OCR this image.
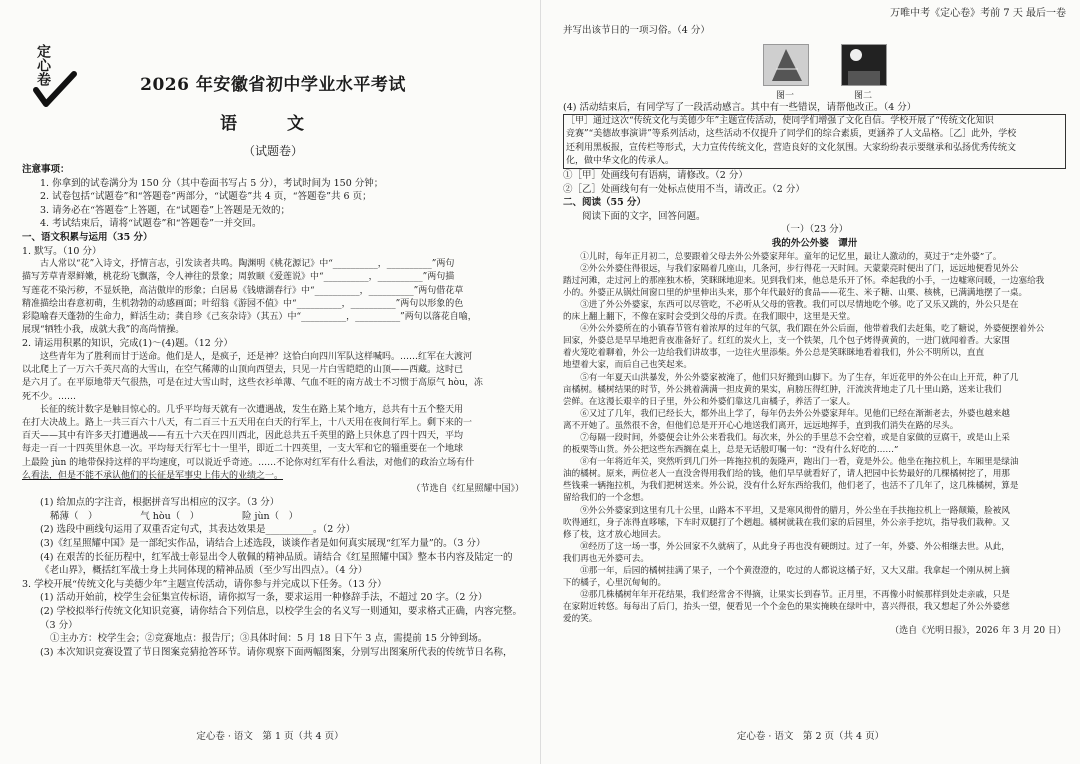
定心卷	2026 年安徽省初中学业水平考试
语 文
（试题卷）

注意事项：

1. 你拿到的试卷满分为 150 分（其中卷面书写占 5 分），考试时间为 150 分钟；

2. 试卷包括“试题卷”和“答题卷”两部分，“试题卷”共 4 页，“答题卷”共 6 页；

3. 请务必在“答题卷”上答题，在“试题卷”上答题是无效的；

4. 考试结束后，请将“试题卷”和“答题卷”一并交回。

一、语文积累与运用（35 分）

1. 默写。（10 分）

古人常以“花”入诗文，抒情言志，引发读者共鸣。陶渊明《桃花源记》中“__________，__________”两句

描写芳草青翠鲜嫩，桃花纷飞飘落，令人神往的景象；周敦颐《爱莲说》中“__________，__________”两句描

写莲花不染污秽，不显妖艳，高洁傲岸的形象；白居易《钱塘湖春行》中“__________，__________”两句借花草

精准描绘出春意初萌，生机勃勃的动感画面；叶绍翁《游园不值》中“__________，__________”两句以形象的色

彩隐喻春天蓬勃的生命力，鲜活生动；龚自珍《己亥杂诗》（其五）中“__________，__________”两句以落花自喻，

展现“牺牲小我，成就大我”的高尚情操。

2. 请运用积累的知识，完成(1)～(4)题。（12 分）

这些青年为了胜利而甘于送命。他们是人，是疯子，还是神？这恰白向四川军队这样喊吗。……红军在大渡河

以北爬上了一万六千英尺高的大雪山，在空气稀薄的山顶向西望去，只见一片白雪皑皑的山顶——西藏。这时已

是六月了。在平原地带天气很热，可是在过大雪山时，这些衣衫单薄、气血不旺的南方战士不习惯于高原气 hòu，冻

死不少。……

长征的统计数字是触目惊心的。几乎平均每天就有一次遭遇战，发生在路上某个地方，总共有十五个整天用

在打大决战上。路上一共三百六十八天，有二百三十五天用在白天的行军上，十八天用在夜间行军上。剩下来的一

百天——其中有许多天打遭遇战——有五十六天在四川西北，因此总共五千英里的路上只休息了四十四天，平均

每走一百一十四英里休息一次。平均每天行军七十一里半，即近二十四英里，一支大军和它的辎重要在一个地球

上最险 jùn 的地带保持这样的平均速度，可以说近乎奇迹。……不论你对红军有什么看法，对他们的政治立场有什

么看法，但是不能不承认他们的长征是军事史上伟大的业绩之一。

（节选自《红星照耀中国》）

(1) 给加点的字注音，根据拼音写出相应的汉字。（3 分）

稀薄（　）　　　　　气 hòu（　）　　　　　险 jùn（　）

(2) 选段中画线句运用了双重否定句式，其表达效果是__________。（2 分）

(3)《红星照耀中国》是一部纪实作品，请结合上述选段，谈谈作者是如何真实展现“红军力量”的。（3 分）

(4) 在艰苦的长征历程中，红军战士彰显出令人敬佩的精神品质。请结合《红星照耀中国》整本书内容及陆定一的

《老山界》，概括红军战士身上共同体现的精神品质（至少写出四点）。（4 分）

3. 学校开展“传统文化与美德少年”主题宣传活动，请你参与并完成以下任务。（13 分）

(1) 活动开始前，校学生会征集宣传标语，请你拟写一条，要求运用一种修辞手法，不超过 20 字。（2 分）

(2) 学校拟举行传统文化知识竞赛，请你结合下列信息，以校学生会的名义写一则通知，要求格式正确，内容完整。

（3 分）

①主办方：校学生会；②竞赛地点：报告厅；③具体时间：5 月 18 日下午 3 点，需提前 15 分钟到场。

(3) 本次知识竞赛设置了节日图案竞猜抢答环节。请你观察下面两幅图案，分别写出图案所代表的传统节日名称，

定心卷 · 语文　第 1 页（共 4 页）
万唯中考《定心卷》考前 7 天 最后一卷

并写出该节日的一项习俗。（4 分）

图一	图二

(4) 活动结束后，有同学写了一段活动感言。其中有一些错误，请帮他改正。（4 分）

［甲］通过这次“传统文化与美德少年”主题宣传活动，使同学们增强了文化自信。学校开展了“传统文化知识

竞赛”“美德故事演讲”等系列活动，这些活动不仅提升了同学们的综合素质，更涵养了人文品格。［乙］此外，学校

还利用黑板报，宣传栏等形式，大力宣传传统文化，营造良好的文化氛围。大家纷纷表示要继承和弘扬优秀传统文

化，做中华文化的传承人。

①［甲］处画线句有语病，请修改。（2 分）

②［乙］处画线句有一处标点使用不当，请改正。（2 分）

二、阅读（55 分）

阅读下面的文字，回答问题。

（一）（23 分）

我的外公外婆　谭卅

①儿时，每年正月初二，总要跟着父母去外公外婆家拜年。童年的记忆里，最让人激动的，莫过于“走外婆”了。

②外公外婆住得很远，与我们家隔着几座山，几条河，步行得花一天时间。天蒙蒙亮时便出了门，远远地便看见外公

踏过河滩，走过河上的那座独木桥，笑眯眯地迎来。见到我们来，他总是乐开了怀。牵起我的小手，一边嘘寒问暖，一边塞给我

小的。外婆正从锅灶间窗口里的炉里伸出头来，那个年代最好的食品——花生、米子糖、山栗、核桃，已满满地摆了一桌。

③进了外公外婆家，东西可以尽管吃，不必听从父母的管教。我们可以尽情地吃个够。吃了又乐又跳的，外公只是在

的床上翻上翻下，不像在家时会受到父母的斥责。在我们眼中，这里是天堂。

④外公外婆所在的小镇春节管有着浓厚的过年的气氛，我们跟在外公后面，他带着我们去赶集，吃了糖说，外婆便摆着外公

回家，外婆总是早早地把肯夜准备好了。红红的炭火上，支一个铁架，几个包子烤得黄黄的，一进门就闻着香。大家围

着火笼吃着聊着，外公一边给我们讲故事，一边往火里添柴。外公总是笑眯眯地看着我们，外公不明所以，直直

地望着大家，而后自己也笑起来。

⑤有一年夏天山洪暴发，外公外婆家被淹了，他们只好搬到山脚下。为了生存，年近花甲的外公在山上开荒，种了几

亩橘树。橘树结果的时节，外公挑着满满一担皮黄的果实，肩膀压得红肿，汗流浃背地走了几十里山路，送来让我们

尝鲜。在这漫长艰辛的日子里，外公和外婆们靠这几亩橘子，养活了一家人。

⑥又过了几年，我们已经长大，都外出上学了，每年仍去外公外婆家拜年。见他们已经在渐渐老去，外婆也越来越

离不开她了。虽然很不舍，但他们总是开开心心地送我们离开，远远地挥手，直到我们消失在路的尽头。

⑦每隔一段时间，外婆便会让外公来看我们。每次来，外公的手里总不会空着，或是自家做的豆腐干，或是山上采

的板栗等山货。外公把这些东西搁在桌上，总是无话般叮嘱一句：“没有什么好吃的……”

⑧有一年将近年关，突然听到几门外一阵拖拉机的轰隆声，跑出门一看，竟是外公。他坐在拖拉机上，车厢里是绿油

油的橘树。原来，两位老人一直没舍得用我们给的钱，他们早早就看好了，请人把园中长势最好的几棵橘树挖了，用那

些钱乘一辆拖拉机，为我们把树送来。外公说，没有什么好东西给我们，他们老了，也活不了几年了，这几株橘树，算是

留给我们的一个念想。

⑨外公外婆家到这里有几十公里，山路本不平坦，又是寒风彻骨的腊月，外公坐在手扶拖拉机上一路颠簸，脸被风

吹得通红，身子冻得直哆嗦，下车时双腿打了个趔趄。橘树就栽在我们家的后园里，外公亲手挖坑，指导我们栽种。又

修了枝，这才放心地回去。

⑩经历了这一场一事，外公回家不久就病了，从此身子再也没有硬朗过。过了一年，外婆、外公相继去世。从此，

我们再也无外婆可去。

⑪那一年，后园的橘树挂满了果子，一个个黄澄澄的，吃过的人都说这橘子好，又大又甜。我拿起一个刚从树上摘

下的橘子，心里沉甸甸的。

⑫那几株橘树年年开花结果，我们经常舍不得摘，让果实长到春节。正月里，不再像小时候那样到处走亲戚，只是

在家附近转悠。每每出了后门，抬头一望，便看见一个个金色的果实掩映在绿叶中，喜兴得很，我又想起了外公外婆慈

爱的笑。

（选自《光明日报》，2026 年 3 月 20 日）

定心卷 · 语文　第 2 页（共 4 页）
